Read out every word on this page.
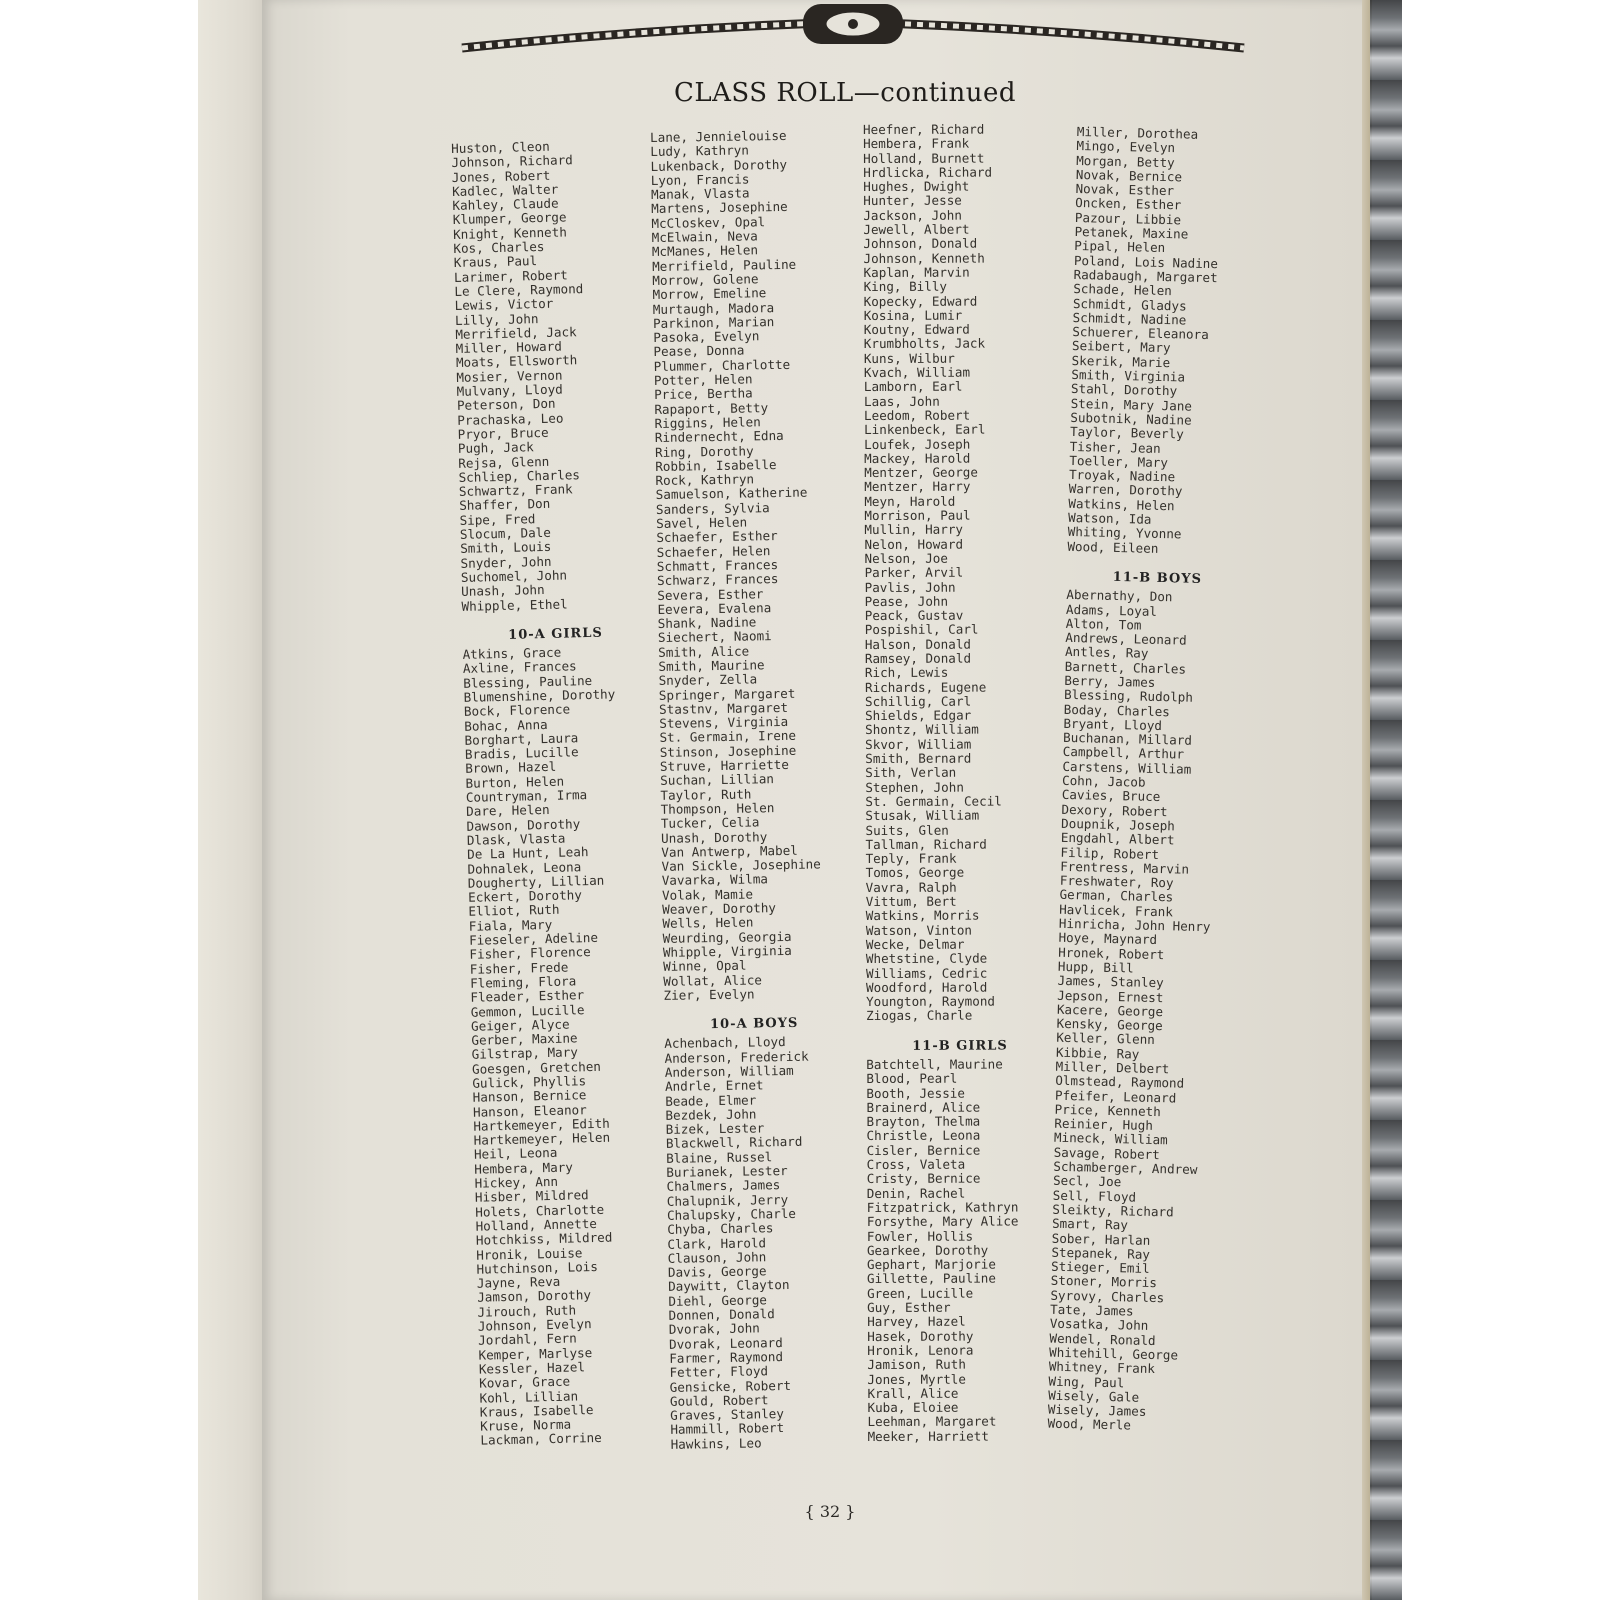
CLASS ROLL—continued
Huston, Cleon
Johnson, Richard
Jones, Robert
Kadlec, Walter
Kahley, Claude
Klumper, George
Knight, Kenneth
Kos, Charles
Kraus, Paul
Larimer, Robert
Le Clere, Raymond
Lewis, Victor
Lilly, John
Merrifield, Jack
Miller, Howard
Moats, Ellsworth
Mosier, Vernon
Mulvany, Lloyd
Peterson, Don
Prachaska, Leo
Pryor, Bruce
Pugh, Jack
Rejsa, Glenn
Schliep, Charles
Schwartz, Frank
Shaffer, Don
Sipe, Fred
Slocum, Dale
Smith, Louis
Snyder, John
Suchomel, John
Unash, John
Whipple, Ethel
10-A GIRLS
Atkins, Grace
Axline, Frances
Blessing, Pauline
Blumenshine, Dorothy
Bock, Florence
Bohac, Anna
Borghart, Laura
Bradis, Lucille
Brown, Hazel
Burton, Helen
Countryman, Irma
Dare, Helen
Dawson, Dorothy
Dlask, Vlasta
De La Hunt, Leah
Dohnalek, Leona
Dougherty, Lillian
Eckert, Dorothy
Elliot, Ruth
Fiala, Mary
Fieseler, Adeline
Fisher, Florence
Fisher, Frede
Fleming, Flora
Fleader, Esther
Gemmon, Lucille
Geiger, Alyce
Gerber, Maxine
Gilstrap, Mary
Goesgen, Gretchen
Gulick, Phyllis
Hanson, Bernice
Hanson, Eleanor
Hartkemeyer, Edith
Hartkemeyer, Helen
Heil, Leona
Hembera, Mary
Hickey, Ann
Hisber, Mildred
Holets, Charlotte
Holland, Annette
Hotchkiss, Mildred
Hronik, Louise
Hutchinson, Lois
Jayne, Reva
Jamson, Dorothy
Jirouch, Ruth
Johnson, Evelyn
Jordahl, Fern
Kemper, Marlyse
Kessler, Hazel
Kovar, Grace
Kohl, Lillian
Kraus, Isabelle
Kruse, Norma
Lackman, Corrine
Lane, Jennielouise
Ludy, Kathryn
Lukenback, Dorothy
Lyon, Francis
Manak, Vlasta
Martens, Josephine
McCloskev, Opal
McElwain, Neva
McManes, Helen
Merrifield, Pauline
Morrow, Golene
Morrow, Emeline
Murtaugh, Madora
Parkinon, Marian
Pasoka, Evelyn
Pease, Donna
Plummer, Charlotte
Potter, Helen
Price, Bertha
Rapaport, Betty
Riggins, Helen
Rindernecht, Edna
Ring, Dorothy
Robbin, Isabelle
Rock, Kathryn
Samuelson, Katherine
Sanders, Sylvia
Savel, Helen
Schaefer, Esther
Schaefer, Helen
Schmatt, Frances
Schwarz, Frances
Severa, Esther
Eevera, Evalena
Shank, Nadine
Siechert, Naomi
Smith, Alice
Smith, Maurine
Snyder, Zella
Springer, Margaret
Stastnv, Margaret
Stevens, Virginia
St. Germain, Irene
Stinson, Josephine
Struve, Harriette
Suchan, Lillian
Taylor, Ruth
Thompson, Helen
Tucker, Celia
Unash, Dorothy
Van Antwerp, Mabel
Van Sickle, Josephine
Vavarka, Wilma
Volak, Mamie
Weaver, Dorothy
Wells, Helen
Weurding, Georgia
Whipple, Virginia
Winne, Opal
Wollat, Alice
Zier, Evelyn
10-A BOYS
Achenbach, Lloyd
Anderson, Frederick
Anderson, William
Andrle, Ernet
Beade, Elmer
Bezdek, John
Bizek, Lester
Blackwell, Richard
Blaine, Russel
Burianek, Lester
Chalmers, James
Chalupnik, Jerry
Chalupsky, Charle
Chyba, Charles
Clark, Harold
Clauson, John
Davis, George
Daywitt, Clayton
Diehl, George
Donnen, Donald
Dvorak, John
Dvorak, Leonard
Farmer, Raymond
Fetter, Floyd
Gensicke, Robert
Gould, Robert
Graves, Stanley
Hammill, Robert
Hawkins, Leo
Heefner, Richard
Hembera, Frank
Holland, Burnett
Hrdlicka, Richard
Hughes, Dwight
Hunter, Jesse
Jackson, John
Jewell, Albert
Johnson, Donald
Johnson, Kenneth
Kaplan, Marvin
King, Billy
Kopecky, Edward
Kosina, Lumir
Koutny, Edward
Krumbholts, Jack
Kuns, Wilbur
Kvach, William
Lamborn, Earl
Laas, John
Leedom, Robert
Linkenbeck, Earl
Loufek, Joseph
Mackey, Harold
Mentzer, George
Mentzer, Harry
Meyn, Harold
Morrison, Paul
Mullin, Harry
Nelon, Howard
Nelson, Joe
Parker, Arvil
Pavlis, John
Pease, John
Peack, Gustav
Pospishil, Carl
Halson, Donald
Ramsey, Donald
Rich, Lewis
Richards, Eugene
Schillig, Carl
Shields, Edgar
Shontz, William
Skvor, William
Smith, Bernard
Sith, Verlan
Stephen, John
St. Germain, Cecil
Stusak, William
Suits, Glen
Tallman, Richard
Teply, Frank
Tomos, George
Vavra, Ralph
Vittum, Bert
Watkins, Morris
Watson, Vinton
Wecke, Delmar
Whetstine, Clyde
Williams, Cedric
Woodford, Harold
Youngton, Raymond
Ziogas, Charle
11-B GIRLS
Batchtell, Maurine
Blood, Pearl
Booth, Jessie
Brainerd, Alice
Brayton, Thelma
Christle, Leona
Cisler, Bernice
Cross, Valeta
Cristy, Bernice
Denin, Rachel
Fitzpatrick, Kathryn
Forsythe, Mary Alice
Fowler, Hollis
Gearkee, Dorothy
Gephart, Marjorie
Gillette, Pauline
Green, Lucille
Guy, Esther
Harvey, Hazel
Hasek, Dorothy
Hronik, Lenora
Jamison, Ruth
Jones, Myrtle
Krall, Alice
Kuba, Eloiee
Leehman, Margaret
Meeker, Harriett
Miller, Dorothea
Mingo, Evelyn
Morgan, Betty
Novak, Bernice
Novak, Esther
Oncken, Esther
Pazour, Libbie
Petanek, Maxine
Pipal, Helen
Poland, Lois Nadine
Radabaugh, Margaret
Schade, Helen
Schmidt, Gladys
Schmidt, Nadine
Schuerer, Eleanora
Seibert, Mary
Skerik, Marie
Smith, Virginia
Stahl, Dorothy
Stein, Mary Jane
Subotnik, Nadine
Taylor, Beverly
Tisher, Jean
Toeller, Mary
Troyak, Nadine
Warren, Dorothy
Watkins, Helen
Watson, Ida
Whiting, Yvonne
Wood, Eileen
11-B BOYS
Abernathy, Don
Adams, Loyal
Alton, Tom
Andrews, Leonard
Antles, Ray
Barnett, Charles
Berry, James
Blessing, Rudolph
Boday, Charles
Bryant, Lloyd
Buchanan, Millard
Campbell, Arthur
Carstens, William
Cohn, Jacob
Cavies, Bruce
Dexory, Robert
Doupnik, Joseph
Engdahl, Albert
Filip, Robert
Frentress, Marvin
Freshwater, Roy
German, Charles
Havlicek, Frank
Hinricha, John Henry
Hoye, Maynard
Hronek, Robert
Hupp, Bill
James, Stanley
Jepson, Ernest
Kacere, George
Kensky, George
Keller, Glenn
Kibbie, Ray
Miller, Delbert
Olmstead, Raymond
Pfeifer, Leonard
Price, Kenneth
Reinier, Hugh
Mineck, William
Savage, Robert
Schamberger, Andrew
Secl, Joe
Sell, Floyd
Sleikty, Richard
Smart, Ray
Sober, Harlan
Stepanek, Ray
Stieger, Emil
Stoner, Morris
Syrovy, Charles
Tate, James
Vosatka, John
Wendel, Ronald
Whitehill, George
Whitney, Frank
Wing, Paul
Wisely, Gale
Wisely, James
Wood, Merle
{ 32 }
